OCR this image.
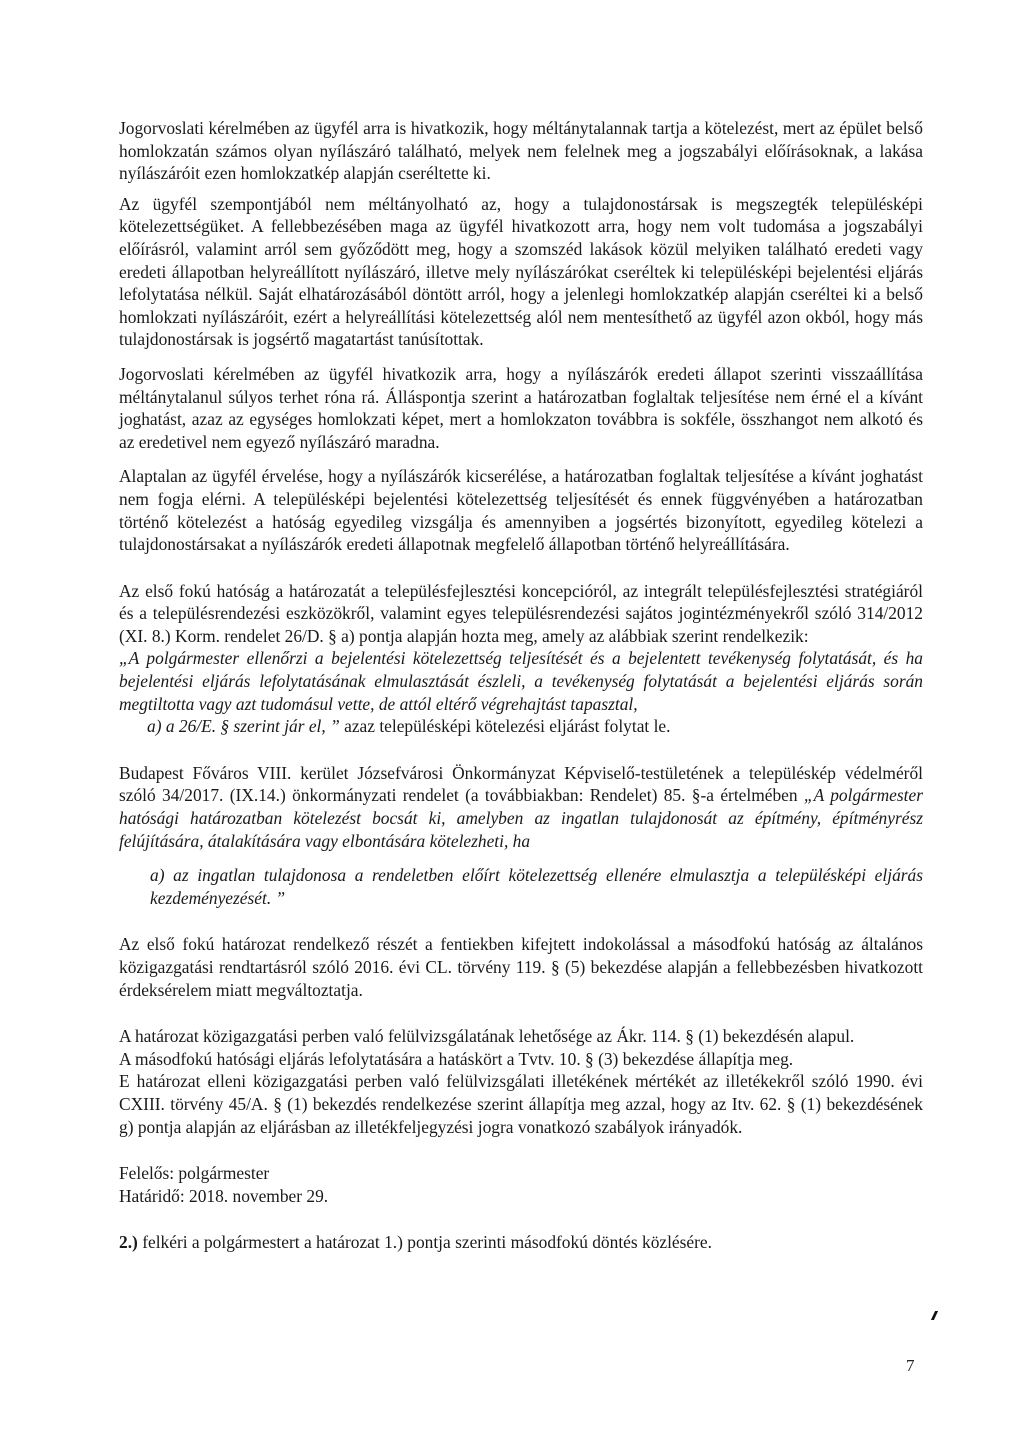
Jogorvoslati kérelmében az ügyfél arra is hivatkozik, hogy méltánytalannak tartja a kötelezést, mert az épület belső homlokzatán számos olyan nyílászáró található, melyek nem felelnek meg a jogszabályi előírásoknak, a lakása nyílászáróit ezen homlokzatkép alapján cseréltette ki.

Az ügyfél szempontjából nem méltányolható az, hogy a tulajdonostársak is megszegték településképi kötelezettségüket. A fellebbezésében maga az ügyfél hivatkozott arra, hogy nem volt tudomása a jogszabályi előírásról, valamint arról sem győződött meg, hogy a szomszéd lakások közül melyiken található eredeti vagy eredeti állapotban helyreállított nyílászáró, illetve mely nyílászárókat cseréltek ki településképi bejelentési eljárás lefolytatása nélkül. Saját elhatározásából döntött arról, hogy a jelenlegi homlokzatkép alapján cseréltei ki a belső homlokzati nyílászáróit, ezért a helyreállítási kötelezettség alól nem mentesíthető az ügyfél azon okból, hogy más tulajdonostársak is jogsértő magatartást tanúsítottak.

Jogorvoslati kérelmében az ügyfél hivatkozik arra, hogy a nyílászárók eredeti állapot szerinti visszaállítása méltánytalanul súlyos terhet róna rá. Álláspontja szerint a határozatban foglaltak teljesítése nem érné el a kívánt joghatást, azaz az egységes homlokzati képet, mert a homlokzaton továbbra is sokféle, összhangot nem alkotó és az eredetivel nem egyező nyílászáró maradna.

Alaptalan az ügyfél érvelése, hogy a nyílászárók kicserélése, a határozatban foglaltak teljesítése a kívánt joghatást nem fogja elérni. A településképi bejelentési kötelezettség teljesítését és ennek függvényében a határozatban történő kötelezést a hatóság egyedileg vizsgálja és amennyiben a jogsértés bizonyított, egyedileg kötelezi a tulajdonostársakat a nyílászárók eredeti állapotnak megfelelő állapotban történő helyreállítására.

Az első fokú hatóság a határozatát a településfejlesztési koncepcióról, az integrált településfejlesztési stratégiáról és a településrendezési eszközökről, valamint egyes településrendezési sajátos jogintézményekről szóló 314/2012 (XI. 8.) Korm. rendelet 26/D. § a) pontja alapján hozta meg, amely az alábbiak szerint rendelkezik:

„A polgármester ellenőrzi a bejelentési kötelezettség teljesítését és a bejelentett tevékenység folytatását, és ha bejelentési eljárás lefolytatásának elmulasztását észleli, a tevékenység folytatását a bejelentési eljárás során megtiltotta vagy azt tudomásul vette, de attól eltérő végrehajtást tapasztal,

a) a 26/E. § szerint jár el, ” azaz településképi kötelezési eljárást folytat le.

Budapest Főváros VIII. kerület Józsefvárosi Önkormányzat Képviselő-testületének a településkép védelméről szóló 34/2017. (IX.14.) önkormányzati rendelet (a továbbiakban: Rendelet) 85. §-a értelmében „A polgármester hatósági határozatban kötelezést bocsát ki, amelyben az ingatlan tulajdonosát az építmény, építményrész felújítására, átalakítására vagy elbontására kötelezheti, ha

a) az ingatlan tulajdonosa a rendeletben előírt kötelezettség ellenére elmulasztja a településképi eljárás kezdeményezését. ”

Az első fokú határozat rendelkező részét a fentiekben kifejtett indokolással a másodfokú hatóság az általános közigazgatási rendtartásról szóló 2016. évi CL. törvény 119. § (5) bekezdése alapján a fellebbezésben hivatkozott érdeksérelem miatt megváltoztatja.

A határozat közigazgatási perben való felülvizsgálatának lehetősége az Ákr. 114. § (1) bekezdésén alapul.

A másodfokú hatósági eljárás lefolytatására a hatáskört a Tvtv. 10. § (3) bekezdése állapítja meg.

E határozat elleni közigazgatási perben való felülvizsgálati illetékének mértékét az illetékekről szóló 1990. évi CXIII. törvény 45/A. § (1) bekezdés rendelkezése szerint állapítja meg azzal, hogy az Itv. 62. § (1) bekezdésének g) pontja alapján az eljárásban az illetékfeljegyzési jogra vonatkozó szabályok irányadók.

Felelős: polgármester

Határidő: 2018. november 29.

2.) felkéri a polgármestert a határozat 1.) pontja szerinti másodfokú döntés közlésére.

7
